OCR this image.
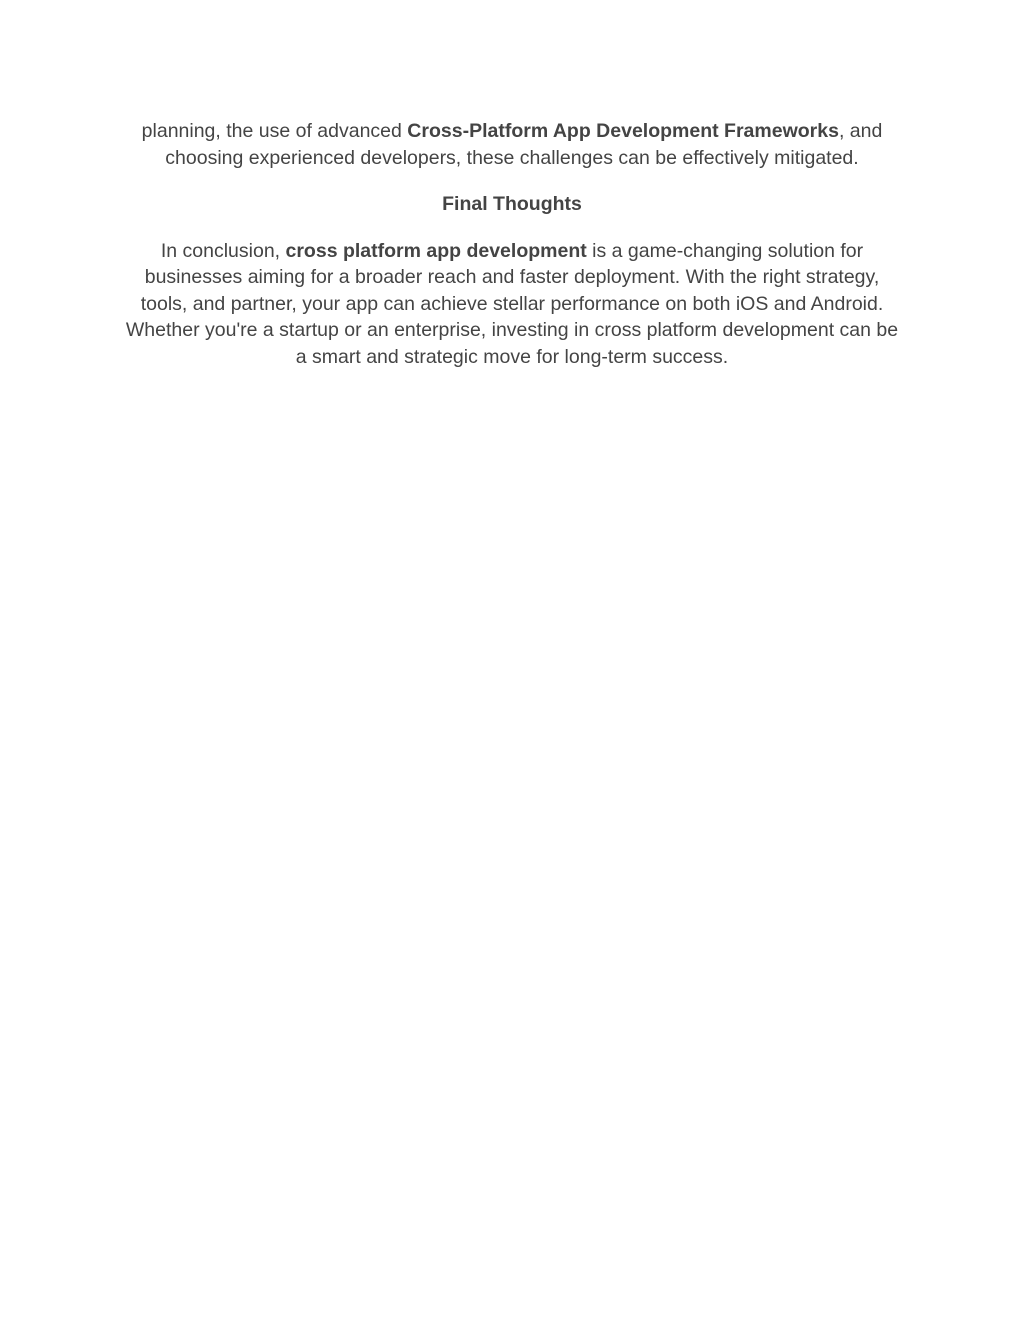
planning, the use of advanced Cross-Platform App Development Frameworks, and choosing experienced developers, these challenges can be effectively mitigated.

Final Thoughts

In conclusion, cross platform app development is a game-changing solution for businesses aiming for a broader reach and faster deployment. With the right strategy, tools, and partner, your app can achieve stellar performance on both iOS and Android. Whether you're a startup or an enterprise, investing in cross platform development can be a smart and strategic move for long-term success.
